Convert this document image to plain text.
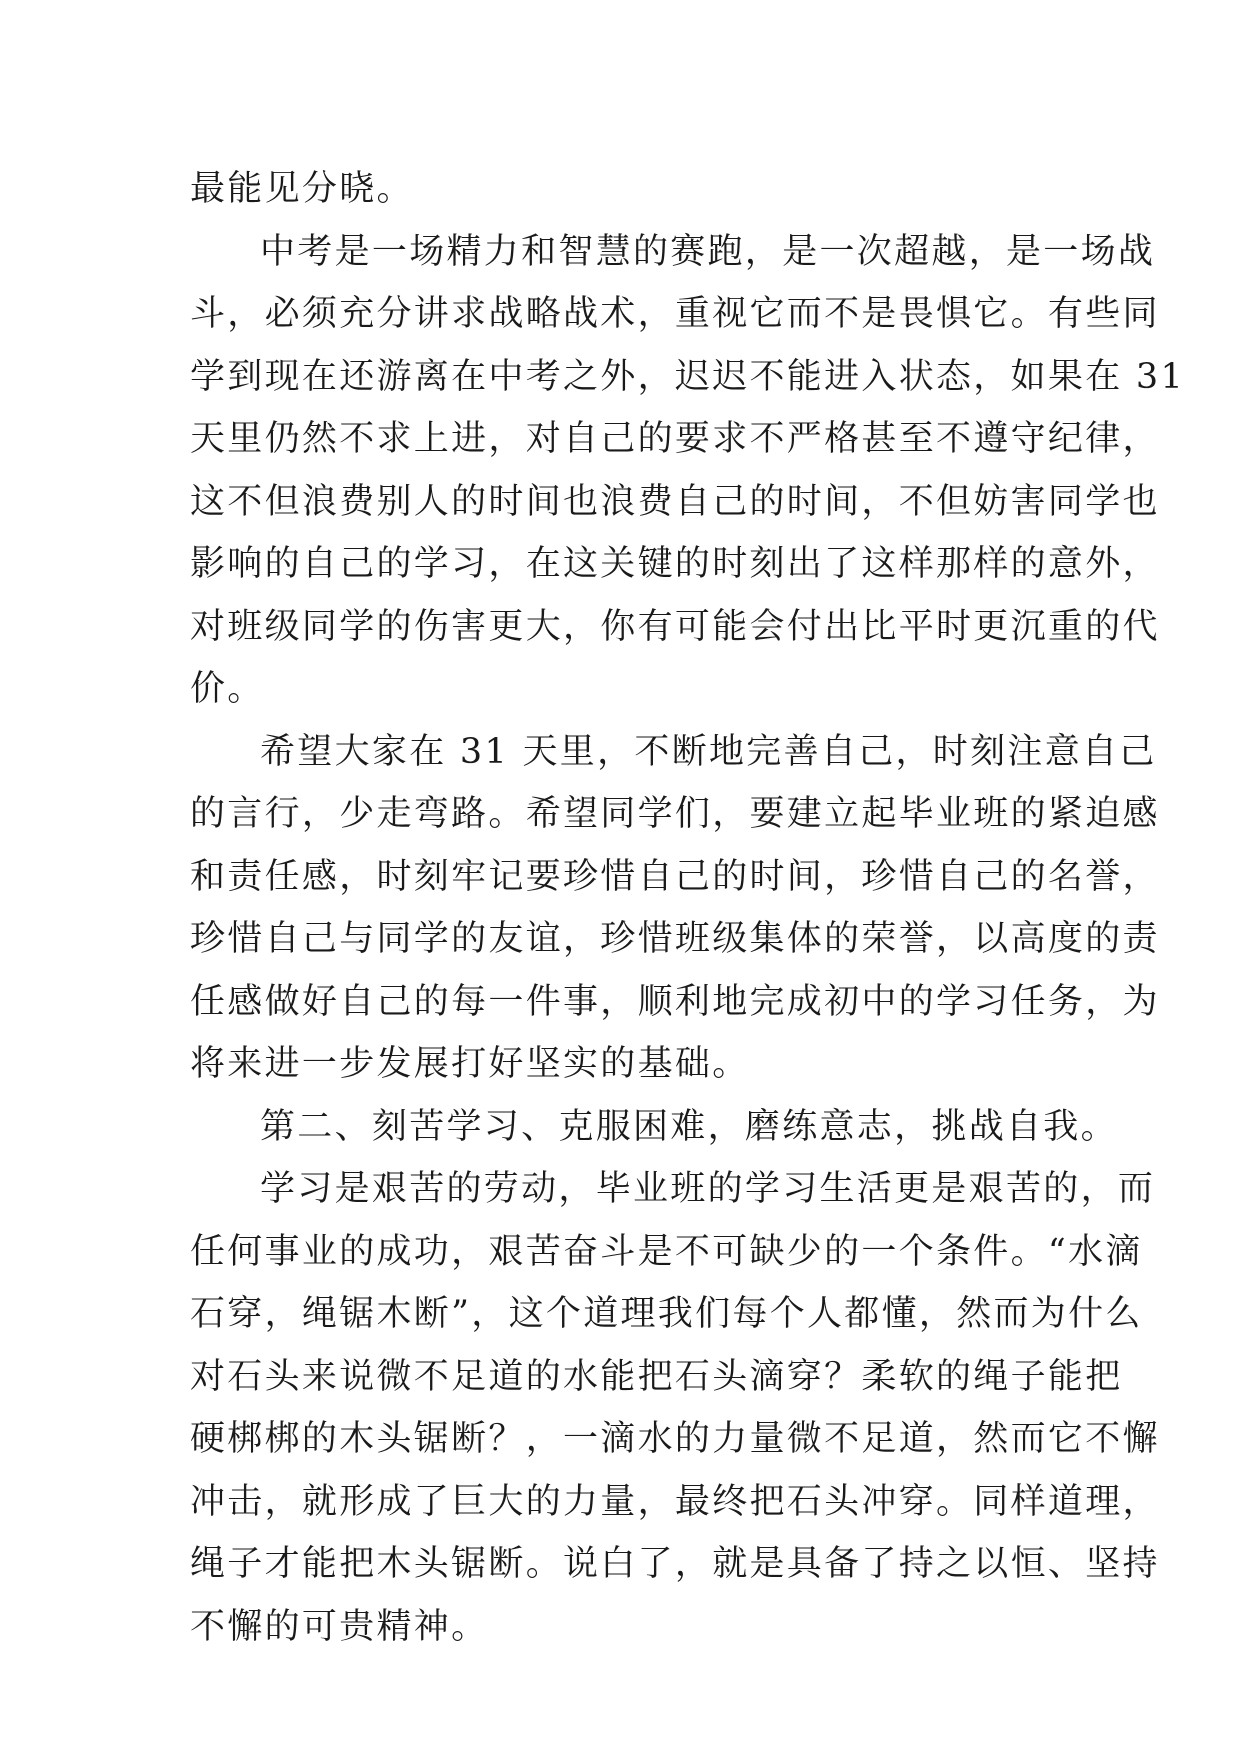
最能见分晓。
中考是一场精力和智慧的赛跑，是一次超越，是一场战
斗，必须充分讲求战略战术，重视它而不是畏惧它。有些同
学到现在还游离在中考之外，迟迟不能进入状态，如果在 31
天里仍然不求上进，对自己的要求不严格甚至不遵守纪律，
这不但浪费别人的时间也浪费自己的时间，不但妨害同学也
影响的自己的学习，在这关键的时刻出了这样那样的意外，
对班级同学的伤害更大，你有可能会付出比平时更沉重的代
价。
希望大家在 31 天里，不断地完善自己，时刻注意自己
的言行，少走弯路。希望同学们，要建立起毕业班的紧迫感
和责任感，时刻牢记要珍惜自己的时间，珍惜自己的名誉，
珍惜自己与同学的友谊，珍惜班级集体的荣誉，以高度的责
任感做好自己的每一件事，顺利地完成初中的学习任务，为
将来进一步发展打好坚实的基础。
第二、刻苦学习、克服困难，磨练意志，挑战自我。
学习是艰苦的劳动，毕业班的学习生活更是艰苦的，而
任何事业的成功，艰苦奋斗是不可缺少的一个条件。“水滴
石穿，绳锯木断”，这个道理我们每个人都懂，然而为什么
对石头来说微不足道的水能把石头滴穿？柔软的绳子能把
硬梆梆的木头锯断？，一滴水的力量微不足道，然而它不懈
冲击，就形成了巨大的力量，最终把石头冲穿。同样道理，
绳子才能把木头锯断。说白了，就是具备了持之以恒、坚持
不懈的可贵精神。
